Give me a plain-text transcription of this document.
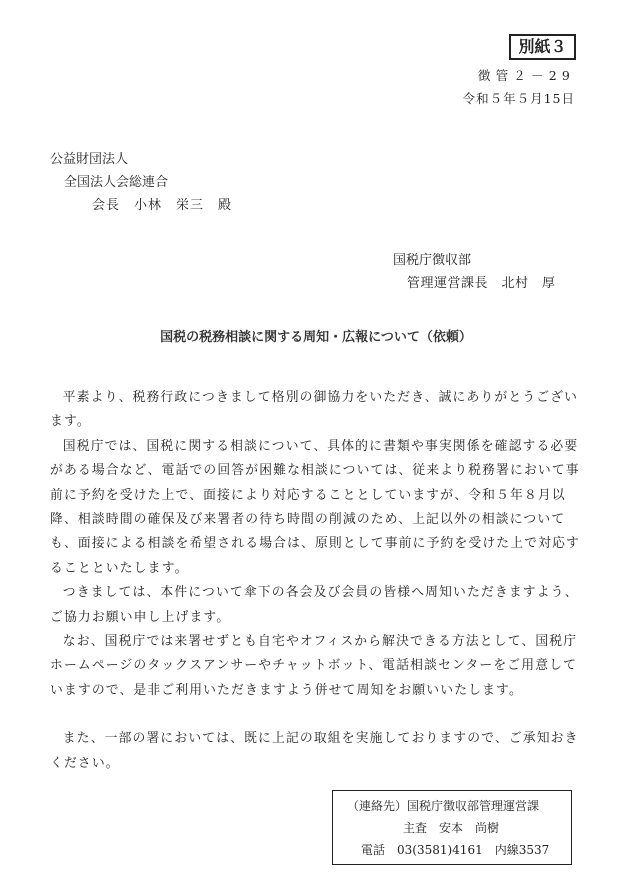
別紙３
徴管２－29
令和５年５月15日
公益財団法人
全国法人会総連合
会長　小林　栄三　殿
国税庁徴収部
管理運営課長　北村　厚
国税の税務相談に関する周知・広報について（依頼）

平素より、税務行政につきまして格別の御協力をいただき、誠にありがとうございます。

国税庁では、国税に関する相談について、具体的に書類や事実関係を確認する必要がある場合など、電話での回答が困難な相談については、従来より税務署において事前に予約を受けた上で、面接により対応することとしていますが、令和５年８月以降、相談時間の確保及び来署者の待ち時間の削減のため、上記以外の相談についても、面接による相談を希望される場合は、原則として事前に予約を受けた上で対応することといたします。

つきましては、本件について傘下の各会及び会員の皆様へ周知いただきますよう、ご協力お願い申し上げます。

なお、国税庁では来署せずとも自宅やオフィスから解決できる方法として、国税庁ホームページのタックスアンサーやチャットボット、電話相談センターをご用意していますので、是非ご利用いただきますよう併せて周知をお願いいたします。

また、一部の署においては、既に上記の取組を実施しておりますので、ご承知おきください。

（連絡先）国税庁徴収部管理運営課
主査　安本　尚樹
電話　03(3581)4161　内線3537
